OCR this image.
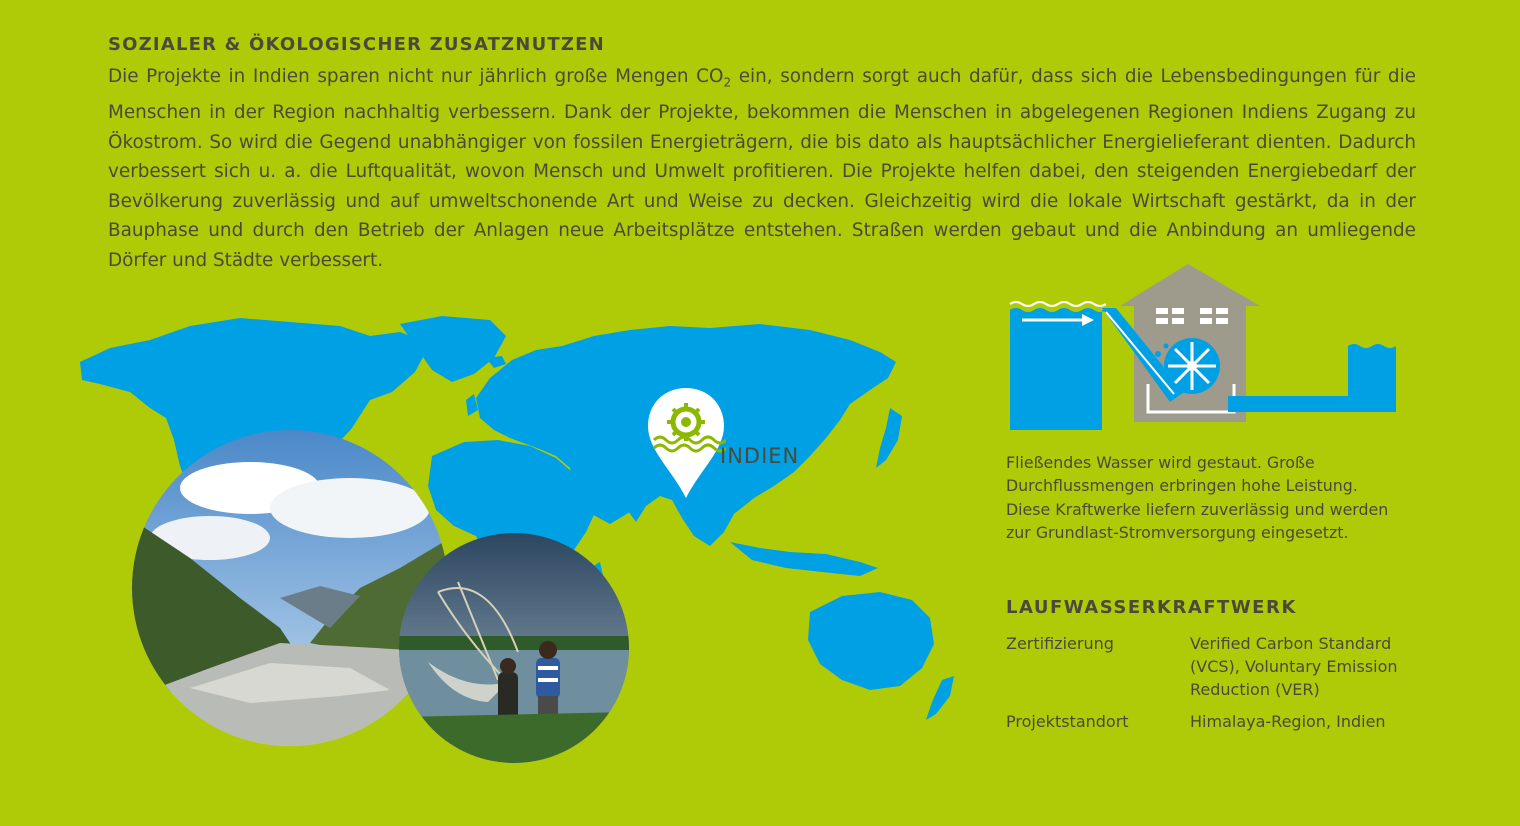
SOZIALER & ÖKOLOGISCHER ZUSATZNUTZEN

Die Projekte in Indien sparen nicht nur jährlich große Mengen $CO_2$ ein, sondern sorgt auch dafür, dass sich die Lebensbedingungen für die Menschen in der Region nachhaltig verbessern. Dank der Projekte, bekommen die Menschen in abgelegenen Regionen Indiens Zugang zu Ökostrom. So wird die Gegend unabhängiger von fossilen Energieträgern, die bis dato als hauptsächlicher Energielieferant dienten. Dadurch verbessert sich u. a. die Luftqualität, wovon Mensch und Umwelt profitieren. Die Projekte helfen dabei, den steigenden Energiebedarf der Bevölkerung zuverlässig und auf umweltschonende Art und Weise zu decken. Gleichzeitig wird die lokale Wirtschaft gestärkt, da in der Bauphase und durch den Betrieb der Anlagen neue Arbeitsplätze entstehen. Straßen werden gebaut und die Anbindung an umliegende Dörfer und Städte verbessert.

INDIEN	Fließendes Wasser wird gestaut. Große Durchflussmengen erbringen hohe Leistung. Diese Kraftwerke liefern zuverlässig und werden zur Grundlast-Stromversorgung eingesetzt.

LAUFWASSERKRAFTWERK
Zertifizierung	Verified Carbon Standard (VCS), Voluntary Emission Reduction (VER)
Projektstandort	Himalaya-Region, Indien
